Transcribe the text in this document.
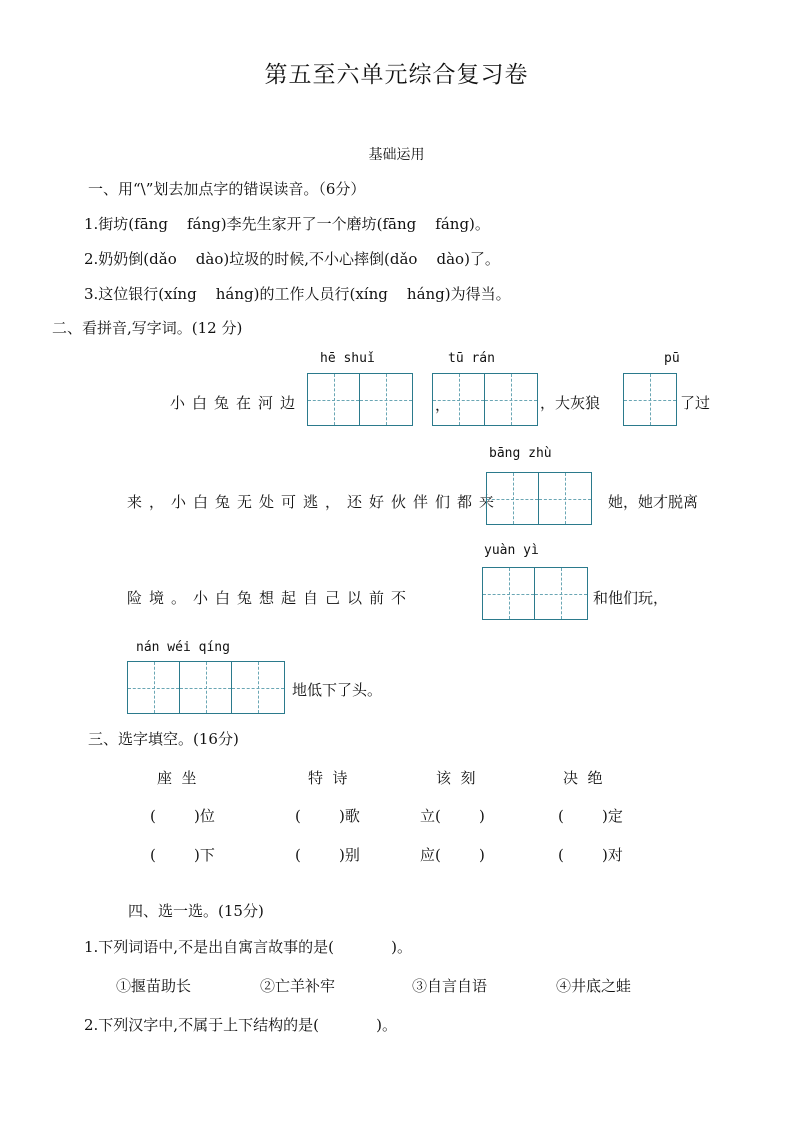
第五至六单元综合复习卷
基础运用
一、用“\”划去加点字的错误读音。（6分）
1.街坊(fāng    fáng)李先生家开了一个磨坊(fāng    fáng)。
2.奶奶倒(dǎo    dào)垃圾的时候,不小心摔倒(dǎo    dào)了。
3.这位银行(xíng    háng)的工作人员行(xíng    háng)为得当。
二、看拼音,写字词。(12 分)
hē shuǐ	tū rán	pū
小白兔在河边	，	，大灰狼	了过
bāng zhù
来，小白兔无处可逃，还好伙伴们都来	她，她才脱离
yuàn yì
险境。小白兔想起自己以前不	和他们玩，
nán wéi qíng
地低下了头。
三、选字填空。(16分)
座  坐	特  诗	该  刻	决  绝
(        )位	(        )歌	立(        )	(        )定
(        )下	(        )别	应(        )	(        )对
四、选一选。(15分)
1.下列词语中,不是出自寓言故事的是(            )。
①揠苗助长	②亡羊补牢	③自言自语	④井底之蛙
2.下列汉字中,不属于上下结构的是(            )。
